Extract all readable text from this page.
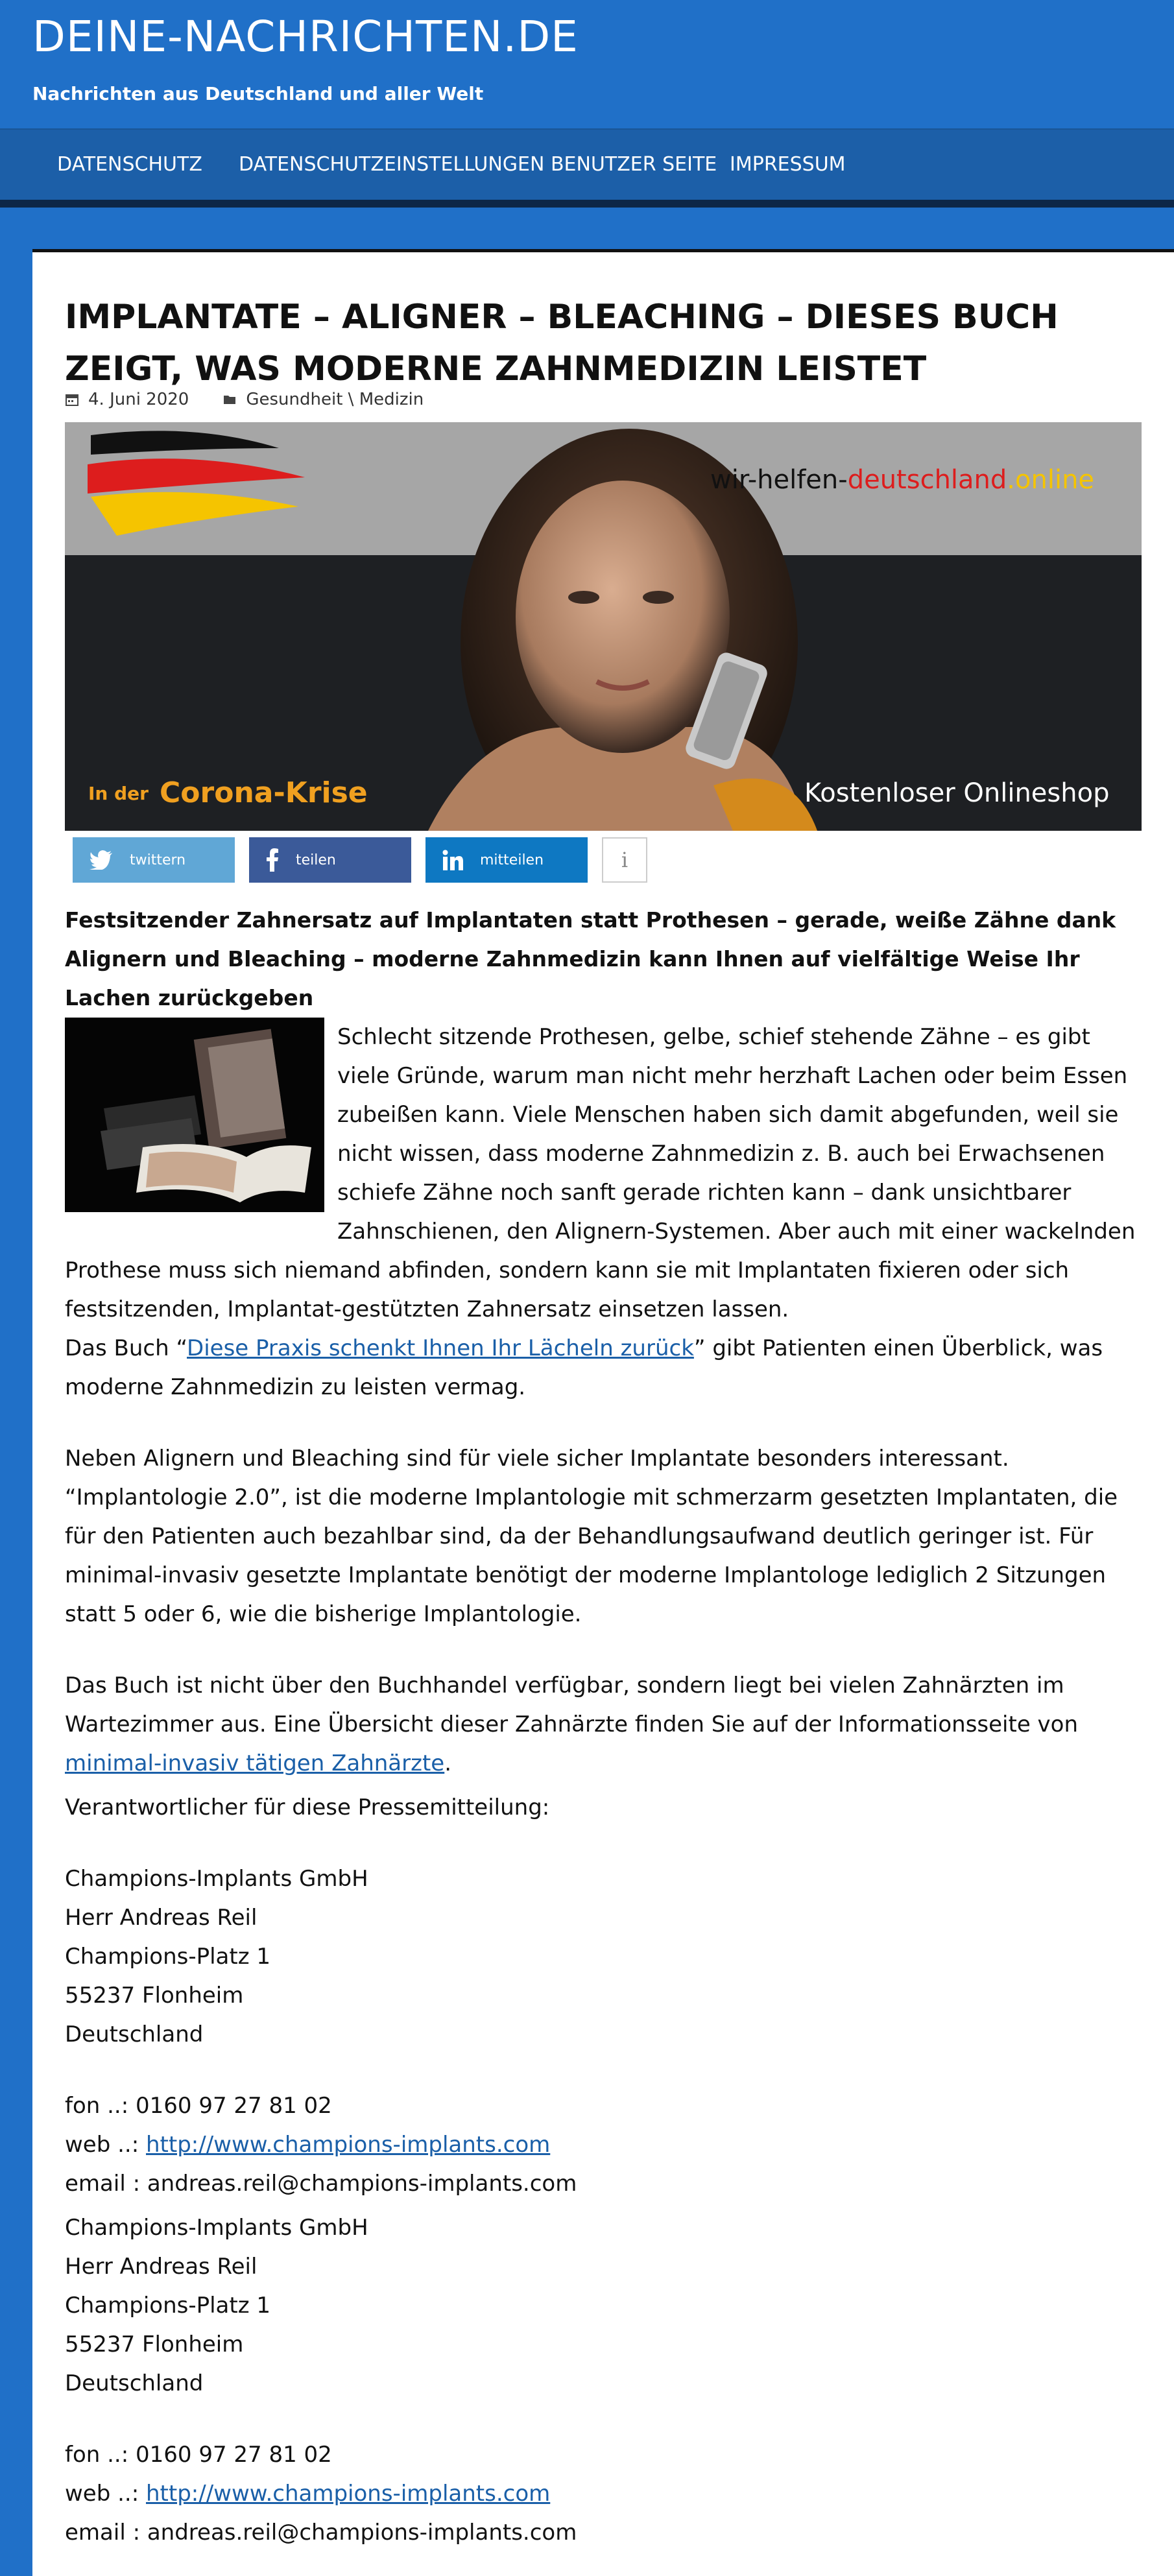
DEINE-NACHRICHTEN.DE
Nachrichten aus Deutschland und aller Welt
DATENSCHUTZ DATENSCHUTZEINSTELLUNGEN BENUTZER SEITE IMPRESSUM
IMPLANTATE – ALIGNER – BLEACHING – DIESES BUCH ZEIGT, WAS MODERNE ZAHNMEDIZIN LEISTET
4. Juni 2020	Gesundheit \ Medizin
wir-helfen-deutschland.online
In der Corona-Krise	Kostenloser Onlineshop
twittern	teilen	mitteilen	i

Festsitzender Zahnersatz auf Implantaten statt Prothesen – gerade, weiße Zähne dank Alignern und Bleaching – moderne Zahnmedizin kann Ihnen auf vielfältige Weise Ihr Lachen zurückgeben

Schlecht sitzende Prothesen, gelbe, schief stehende Zähne – es gibt viele Gründe, warum man nicht mehr herzhaft Lachen oder beim Essen zubeißen kann. Viele Menschen haben sich damit abgefunden, weil sie nicht wissen, dass moderne Zahnmedizin z. B. auch bei Erwachsenen schiefe Zähne noch sanft gerade richten kann – dank unsichtbarer Zahnschienen, den Alignern-Systemen. Aber auch mit einer wackelnden Prothese muss sich niemand abfinden, sondern kann sie mit Implantaten fixieren oder sich festsitzenden, Implantat-gestützten Zahnersatz einsetzen lassen.

Das Buch “Diese Praxis schenkt Ihnen Ihr Lächeln zurück” gibt Patienten einen Überblick, was moderne Zahnmedizin zu leisten vermag.

Neben Alignern und Bleaching sind für viele sicher Implantate besonders interessant. “Implantologie 2.0”, ist die moderne Implantologie mit schmerzarm gesetzten Implantaten, die für den Patienten auch bezahlbar sind, da der Behandlungsaufwand deutlich geringer ist. Für minimal-invasiv gesetzte Implantate benötigt der moderne Implantologe lediglich 2 Sitzungen statt 5 oder 6, wie die bisherige Implantologie.

Das Buch ist nicht über den Buchhandel verfügbar, sondern liegt bei vielen Zahnärzten im Wartezimmer aus. Eine Übersicht dieser Zahnärzte finden Sie auf der Informationsseite von minimal-invasiv tätigen Zahnärzte.

Verantwortlicher für diese Pressemitteilung:
Champions-Implants GmbH
Herr Andreas Reil
Champions-Platz 1
55237 Flonheim
Deutschland
fon ..: 0160 97 27 81 02
web ..: http://www.champions-implants.com
email : andreas.reil@champions-implants.com
Champions-Implants GmbH
Herr Andreas Reil
Champions-Platz 1
55237 Flonheim
Deutschland
fon ..: 0160 97 27 81 02
web ..: http://www.champions-implants.com
email : andreas.reil@champions-implants.com
